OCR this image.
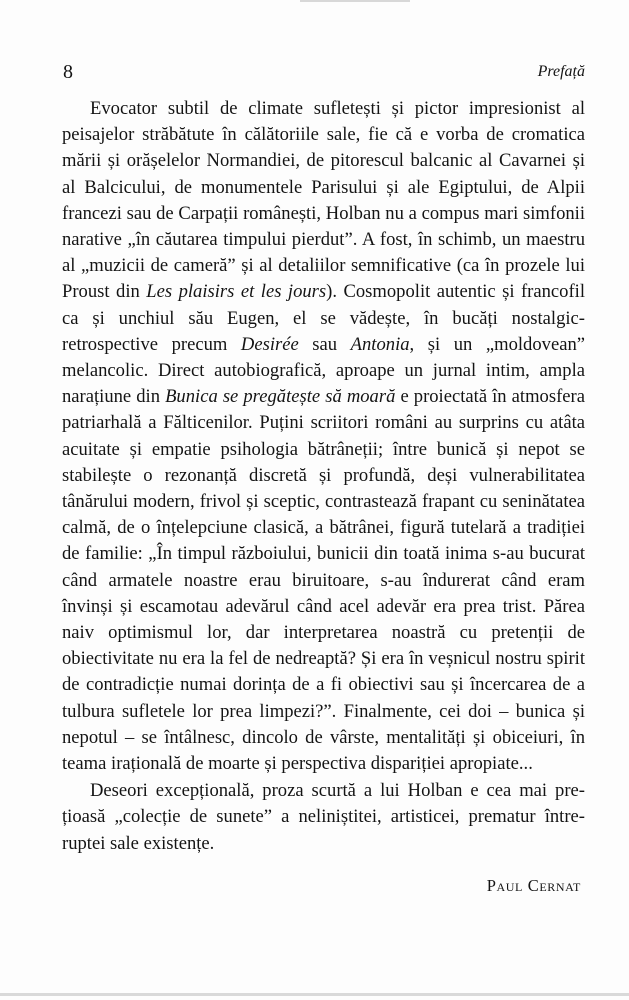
8	Prefață

Evocator subtil de climate sufletești și pictor impresionist al peisajelor străbătute în călătoriile sale, fie că e vorba de cromatica mării și orășelelor Normandiei, de pitorescul balcanic al Cavarnei și al Balcicului, de monumentele Parisului și ale Egiptului, de Alpii francezi sau de Carpații românești, Holban nu a compus mari simfonii narative „în căutarea timpului pierdut”. A fost, în schimb, un maestru al „muzicii de cameră” și al detaliilor semnificative (ca în prozele lui Proust din Les plaisirs et les jours). Cosmopolit autentic și francofil ca și unchiul său Eugen, el se vădește, în bucăți nostalgic-retrospective precum Desirée sau Antonia, și un „moldovean” melancolic. Direct autobiografică, aproape un jurnal intim, ampla narațiune din Bunica se pregătește să moară e proiectată în atmosfera patriarhală a Fălticenilor. Puțini scriitori români au surprins cu atâta acuitate și empatie psihologia bătrâneții; între bunică și nepot se stabilește o rezonanță discretă și profundă, deși vulnerabilitatea tânărului modern, frivol și sceptic, contrastează frapant cu seninătatea calmă, de o înțelepciune clasică, a bătrânei, figură tutelară a tradiției de familie: „În timpul războiului, bunicii din toată inima s-au bucurat când armatele noastre erau biruitoare, s-au îndurerat când eram învinși și escamotau adevărul când acel adevăr era prea trist. Părea naiv optimismul lor, dar interpretarea noastră cu pretenții de obiectivitate nu era la fel de nedreaptă? Și era în veșnicul nostru spirit de contradicție numai dorința de a fi obiectivi sau și încercarea de a tulbura sufletele lor prea limpezi?”. Finalmente, cei doi – bunica și nepotul – se întâlnesc, dincolo de vârste, mentalități și obiceiuri, în teama irațională de moarte și perspectiva dispariției apropiate...

Deseori excepțională, proza scurtă a lui Holban e cea mai prețioasă „colecție de sunete” a neliniștitei, artisticei, prematur întreruptei sale existențe.

Paul Cernat
